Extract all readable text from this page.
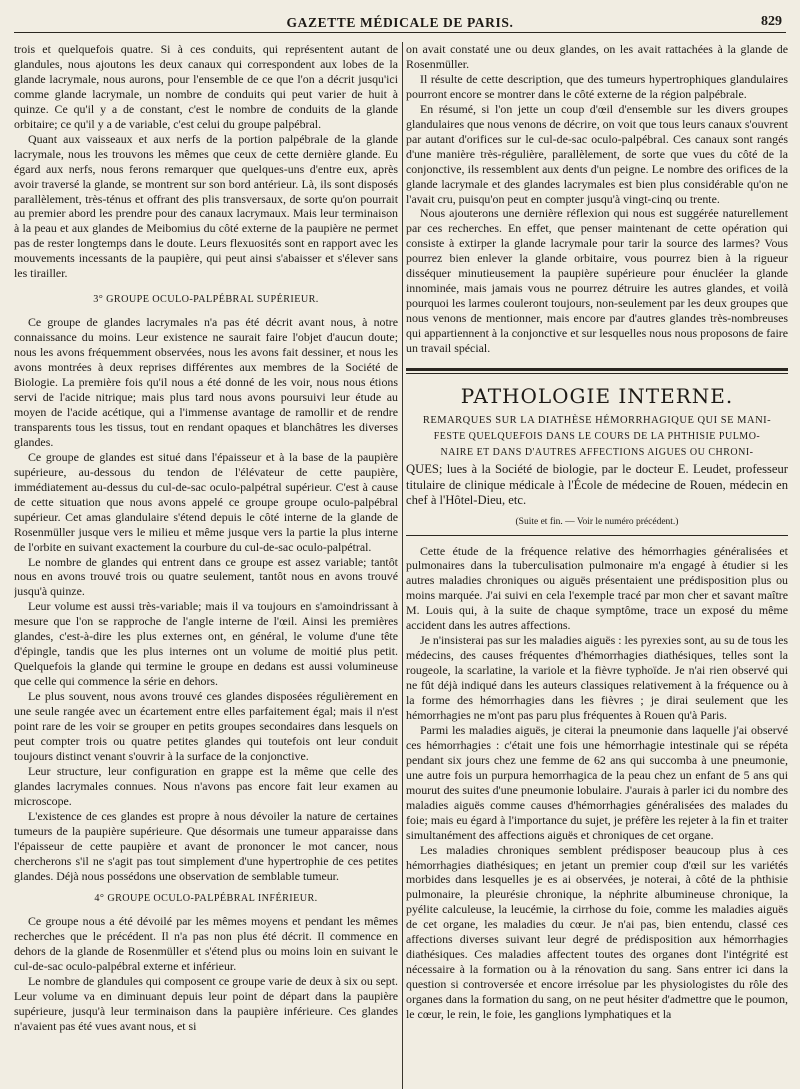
GAZETTE MÉDICALE DE PARIS.	829

trois et quelquefois quatre. Si à ces conduits, qui représentent autant de glandules, nous ajoutons les deux canaux qui correspondent aux lobes de la glande lacrymale, nous aurons, pour l'ensemble de ce que l'on a décrit jusqu'ici comme glande lacrymale, un nombre de conduits qui peut varier de huit à quinze. Ce qu'il y a de constant, c'est le nombre de conduits de la glande orbitaire; ce qu'il y a de variable, c'est celui du groupe palpébral.

Quant aux vaisseaux et aux nerfs de la portion palpébrale de la glande lacrymale, nous les trouvons les mêmes que ceux de cette dernière glande. Eu égard aux nerfs, nous ferons remarquer que quelques-uns d'entre eux, après avoir traversé la glande, se montrent sur son bord antérieur. Là, ils sont disposés parallèlement, très-ténus et offrant des plis transversaux, de sorte qu'on pourrait au premier abord les prendre pour des canaux lacrymaux. Mais leur terminaison à la peau et aux glandes de Meibomius du côté externe de la paupière ne permet pas de rester longtemps dans le doute. Leurs flexuosités sont en rapport avec les mouvements incessants de la paupière, qui peut ainsi s'abaisser et s'élever sans les tirailler.

3° GROUPE OCULO-PALPÉBRAL SUPÉRIEUR.

Ce groupe de glandes lacrymales n'a pas été décrit avant nous, à notre connaissance du moins. Leur existence ne saurait faire l'objet d'aucun doute; nous les avons fréquemment observées, nous les avons fait dessiner, et nous les avons montrées à deux reprises différentes aux membres de la Société de Biologie. La première fois qu'il nous a été donné de les voir, nous nous étions servi de l'acide nitrique; mais plus tard nous avons poursuivi leur étude au moyen de l'acide acétique, qui a l'immense avantage de ramollir et de rendre transparents tous les tissus, tout en rendant opaques et blanchâtres les diverses glandes.

Ce groupe de glandes est situé dans l'épaisseur et à la base de la paupière supérieure, au-dessous du tendon de l'élévateur de cette paupière, immédiatement au-dessus du cul-de-sac oculo-palpétral supérieur. C'est à cause de cette situation que nous avons appelé ce groupe groupe oculo-palpébral supérieur. Cet amas glandulaire s'étend depuis le côté interne de la glande de Rosenmüller jusque vers le milieu et même jusque vers la partie la plus interne de l'orbite en suivant exactement la courbure du cul-de-sac oculo-palpétral.

Le nombre de glandes qui entrent dans ce groupe est assez variable; tantôt nous en avons trouvé trois ou quatre seulement, tantôt nous en avons trouvé jusqu'à quinze.

Leur volume est aussi très-variable; mais il va toujours en s'amoindrissant à mesure que l'on se rapproche de l'angle interne de l'œil. Ainsi les premières glandes, c'est-à-dire les plus externes ont, en général, le volume d'une tête d'épingle, tandis que les plus internes ont un volume de moitié plus petit. Quelquefois la glande qui termine le groupe en dedans est aussi volumineuse que celle qui commence la série en dehors.

Le plus souvent, nous avons trouvé ces glandes disposées régulièrement en une seule rangée avec un écartement entre elles parfaitement égal; mais il n'est point rare de les voir se grouper en petits groupes secondaires dans lesquels on peut compter trois ou quatre petites glandes qui toutefois ont leur conduit toujours distinct venant s'ouvrir à la surface de la conjonctive.

Leur structure, leur configuration en grappe est la même que celle des glandes lacrymales connues. Nous n'avons pas encore fait leur examen au microscope.

L'existence de ces glandes est propre à nous dévoiler la nature de certaines tumeurs de la paupière supérieure. Que désormais une tumeur apparaisse dans l'épaisseur de cette paupière et avant de prononcer le mot cancer, nous chercherons s'il ne s'agit pas tout simplement d'une hypertrophie de ces petites glandes. Déjà nous possédons une observation de semblable tumeur.

4° GROUPE OCULO-PALPÉBRAL INFÉRIEUR.

Ce groupe nous a été dévoilé par les mêmes moyens et pendant les mêmes recherches que le précédent. Il n'a pas non plus été décrit. Il commence en dehors de la glande de Rosenmüller et s'étend plus ou moins loin en suivant le cul-de-sac oculo-palpébral externe et inférieur.

Le nombre de glandules qui composent ce groupe varie de deux à six ou sept. Leur volume va en diminuant depuis leur point de départ dans la paupière supérieure, jusqu'à leur terminaison dans la paupière inférieure. Ces glandes n'avaient pas été vues avant nous, et si

on avait constaté une ou deux glandes, on les avait rattachées à la glande de Rosenmüller.

Il résulte de cette description, que des tumeurs hypertrophiques glandulaires pourront encore se montrer dans le côté externe de la région palpébrale.

En résumé, si l'on jette un coup d'œil d'ensemble sur les divers groupes glandulaires que nous venons de décrire, on voit que tous leurs canaux s'ouvrent par autant d'orifices sur le cul-de-sac oculo-palpébral. Ces canaux sont rangés d'une manière très-régulière, parallèlement, de sorte que vues du côté de la conjonctive, ils ressemblent aux dents d'un peigne. Le nombre des orifices de la glande lacrymale et des glandes lacrymales est bien plus considérable qu'on ne l'avait cru, puisqu'on peut en compter jusqu'à vingt-cinq ou trente.

Nous ajouterons une dernière réflexion qui nous est suggérée naturellement par ces recherches. En effet, que penser maintenant de cette opération qui consiste à extirper la glande lacrymale pour tarir la source des larmes? Vous pourrez bien enlever la glande orbitaire, vous pourrez bien à la rigueur disséquer minutieusement la paupière supérieure pour énucléer la glande innominée, mais jamais vous ne pourrez détruire les autres glandes, et voilà pourquoi les larmes couleront toujours, non-seulement par les deux groupes que nous venons de mentionner, mais encore par d'autres glandes très-nombreuses qui appartiennent à la conjonctive et sur lesquelles nous nous proposons de faire un travail spécial.

PATHOLOGIE INTERNE.
REMARQUES SUR LA DIATHÈSE HÉMORRHAGIQUE QUI SE MANI-
FESTE QUELQUEFOIS DANS LE COURS DE LA PHTHISIE PULMO-
NAIRE ET DANS D'AUTRES AFFECTIONS AIGUES OU CHRONI-

QUES; lues à la Société de biologie, par le docteur E. Leudet, professeur titulaire de clinique médicale à l'École de médecine de Rouen, médecin en chef à l'Hôtel-Dieu, etc.

(Suite et fin. — Voir le numéro précédent.)

Cette étude de la fréquence relative des hémorrhagies généralisées et pulmonaires dans la tuberculisation pulmonaire m'a engagé à étudier si les autres maladies chroniques ou aiguës présentaient une prédisposition plus ou moins marquée. J'ai suivi en cela l'exemple tracé par mon cher et savant maître M. Louis qui, à la suite de chaque symptôme, trace un exposé du même accident dans les autres affections.

Je n'insisterai pas sur les maladies aiguës : les pyrexies sont, au su de tous les médecins, des causes fréquentes d'hémorrhagies diathésiques, telles sont la rougeole, la scarlatine, la variole et la fièvre typhoïde. Je n'ai rien observé qui ne fût déjà indiqué dans les auteurs classiques relativement à la fréquence ou à la forme des hémorrhagies dans les fièvres ; je dirai seulement que les hémorrhagies ne m'ont pas paru plus fréquentes à Rouen qu'à Paris.

Parmi les maladies aiguës, je citerai la pneumonie dans laquelle j'ai observé ces hémorrhagies : c'était une fois une hémorrhagie intestinale qui se répéta pendant six jours chez une femme de 62 ans qui succomba à une pneumonie, une autre fois un purpura hemorrhagica de la peau chez un enfant de 5 ans qui mourut des suites d'une pneumonie lobulaire. J'aurais à parler ici du nombre des maladies aiguës comme causes d'hémorrhagies généralisées des malades du foie; mais eu égard à l'importance du sujet, je préfère les rejeter à la fin et traiter simultanément des affections aiguës et chroniques de cet organe.

Les maladies chroniques semblent prédisposer beaucoup plus à ces hémorrhagies diathésiques; en jetant un premier coup d'œil sur les variétés morbides dans lesquelles je es ai observées, je noterai, à côté de la phthisie pulmonaire, la pleurésie chronique, la néphrite albumineuse chronique, la pyélite calculeuse, la leucémie, la cirrhose du foie, comme les maladies aiguës de cet organe, les maladies du cœur. Je n'ai pas, bien entendu, classé ces affections diverses suivant leur degré de prédisposition aux hémorrhagies diathésiques. Ces maladies affectent toutes des organes dont l'intégrité est nécessaire à la formation ou à la rénovation du sang. Sans entrer ici dans la question si controversée et encore irrésolue par les physiologistes du rôle des organes dans la formation du sang, on ne peut hésiter d'admettre que le poumon, le cœur, le rein, le foie, les ganglions lymphatiques et la
